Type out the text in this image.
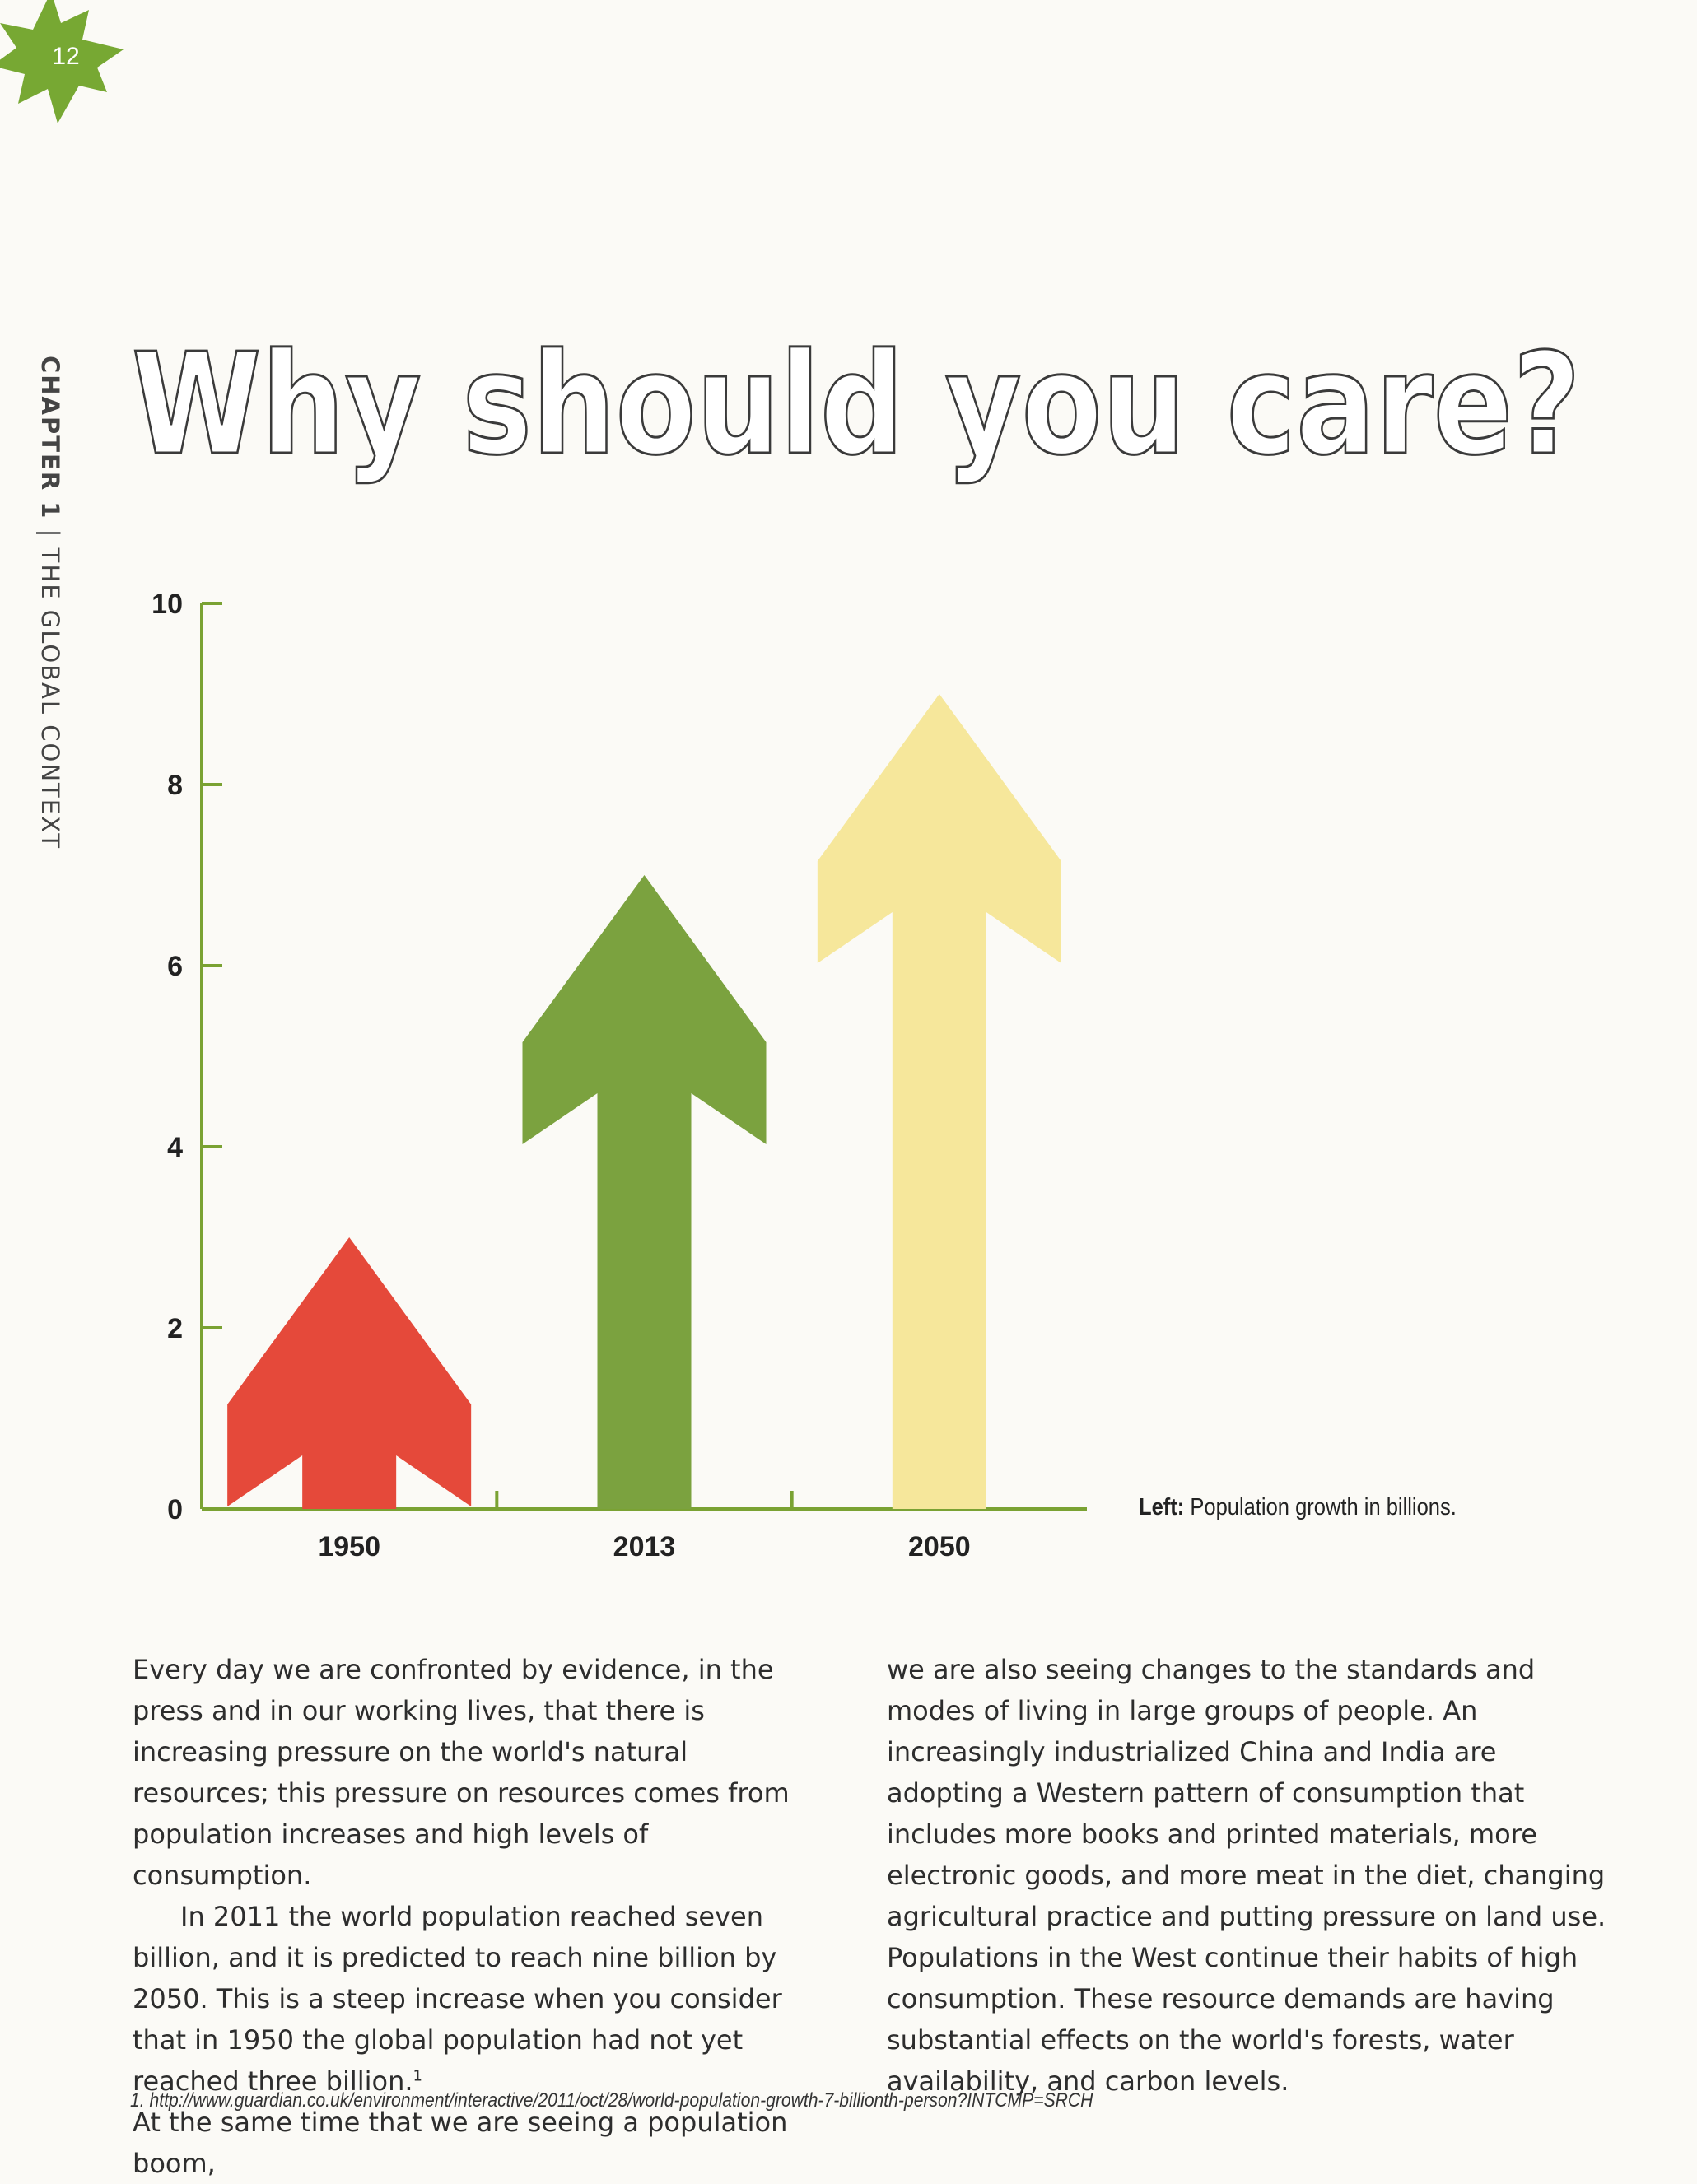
12
CHAPTER 1 | THE GLOBAL CONTEXT
Why should you care?
0
2
4
6
8
10
1950	2013	2050
Left: Population growth in billions.

Every day we are confronted by evidence, in the press and in our working lives, that there is increasing pressure on the world's natural resources; this pressure on resources comes from population increases and high levels of consumption.

In 2011 the world population reached seven billion, and it is predicted to reach nine billion by 2050. This is a steep increase when you consider that in 1950 the global population had not yet reached three billion.$^1$

At the same time that we are seeing a population boom,

we are also seeing changes to the standards and modes of living in large groups of people. An increasingly industrialized China and India are adopting a Western pattern of consumption that includes more books and printed materials, more electronic goods, and more meat in the diet, changing agricultural practice and putting pressure on land use. Populations in the West continue their habits of high consumption. These resource demands are having substantial effects on the world's forests, water availability, and carbon levels.

1. http://www.guardian.co.uk/environment/interactive/2011/oct/28/world-population-growth-7-billionth-person?INTCMP=SRCH
